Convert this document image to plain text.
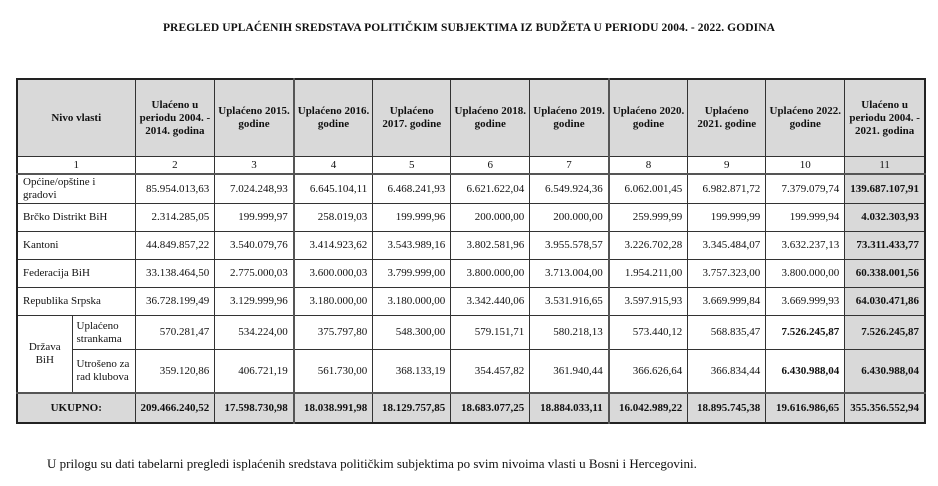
PREGLED UPLAĆENIH SREDSTAVA POLITIČKIM SUBJEKTIMA IZ BUDŽETA U PERIODU 2004. - 2022. GODINA
Nivo vlasti		Ulaćeno u periodu 2004. - 2014. godina	Uplaćeno 2015. godine	Uplaćeno 2016. godine	Uplaćeno 2017. godine	Uplaćeno 2018. godine	Uplaćeno 2019. godine	Uplaćeno 2020. godine	Uplaćeno 2021. godine	Uplaćeno 2022. godine	Ulaćeno u periodu 2004. - 2021. godina
1		2	3	4	5	6	7	8	9	10	11
Općine/opštine i gradovi		85.954.013,63	7.024.248,93	6.645.104,11	6.468.241,93	6.621.622,04	6.549.924,36	6.062.001,45	6.982.871,72	7.379.079,74	139.687.107,91
Brčko Distrikt BiH		2.314.285,05	199.999,97	258.019,03	199.999,96	200.000,00	200.000,00	259.999,99	199.999,99	199.999,94	4.032.303,93
Kantoni		44.849.857,22	3.540.079,76	3.414.923,62	3.543.989,16	3.802.581,96	3.955.578,57	3.226.702,28	3.345.484,07	3.632.237,13	73.311.433,77
Federacija BiH		33.138.464,50	2.775.000,03	3.600.000,03	3.799.999,00	3.800.000,00	3.713.004,00	1.954.211,00	3.757.323,00	3.800.000,00	60.338.001,56
Republika Srpska		36.728.199,49	3.129.999,96	3.180.000,00	3.180.000,00	3.342.440,06	3.531.916,65	3.597.915,93	3.669.999,84	3.669.999,93	64.030.471,86
Država BiH	Uplaćeno strankama	570.281,47	534.224,00	375.797,80	548.300,00	579.151,71	580.218,13	573.440,12	568.835,47	7.526.245,87	7.526.245,87
	Utrošeno za rad klubova	359.120,86	406.721,19	561.730,00	368.133,19	354.457,82	361.940,44	366.626,64	366.834,44	6.430.988,04	6.430.988,04
UKUPNO:		209.466.240,52	17.598.730,98	18.038.991,98	18.129.757,85	18.683.077,25	18.884.033,11	16.042.989,22	18.895.745,38	19.616.986,65	355.356.552,94
U prilogu su dati tabelarni pregledi isplaćenih sredstava političkim subjektima po svim nivoima vlasti u Bosni i Hercegovini.
